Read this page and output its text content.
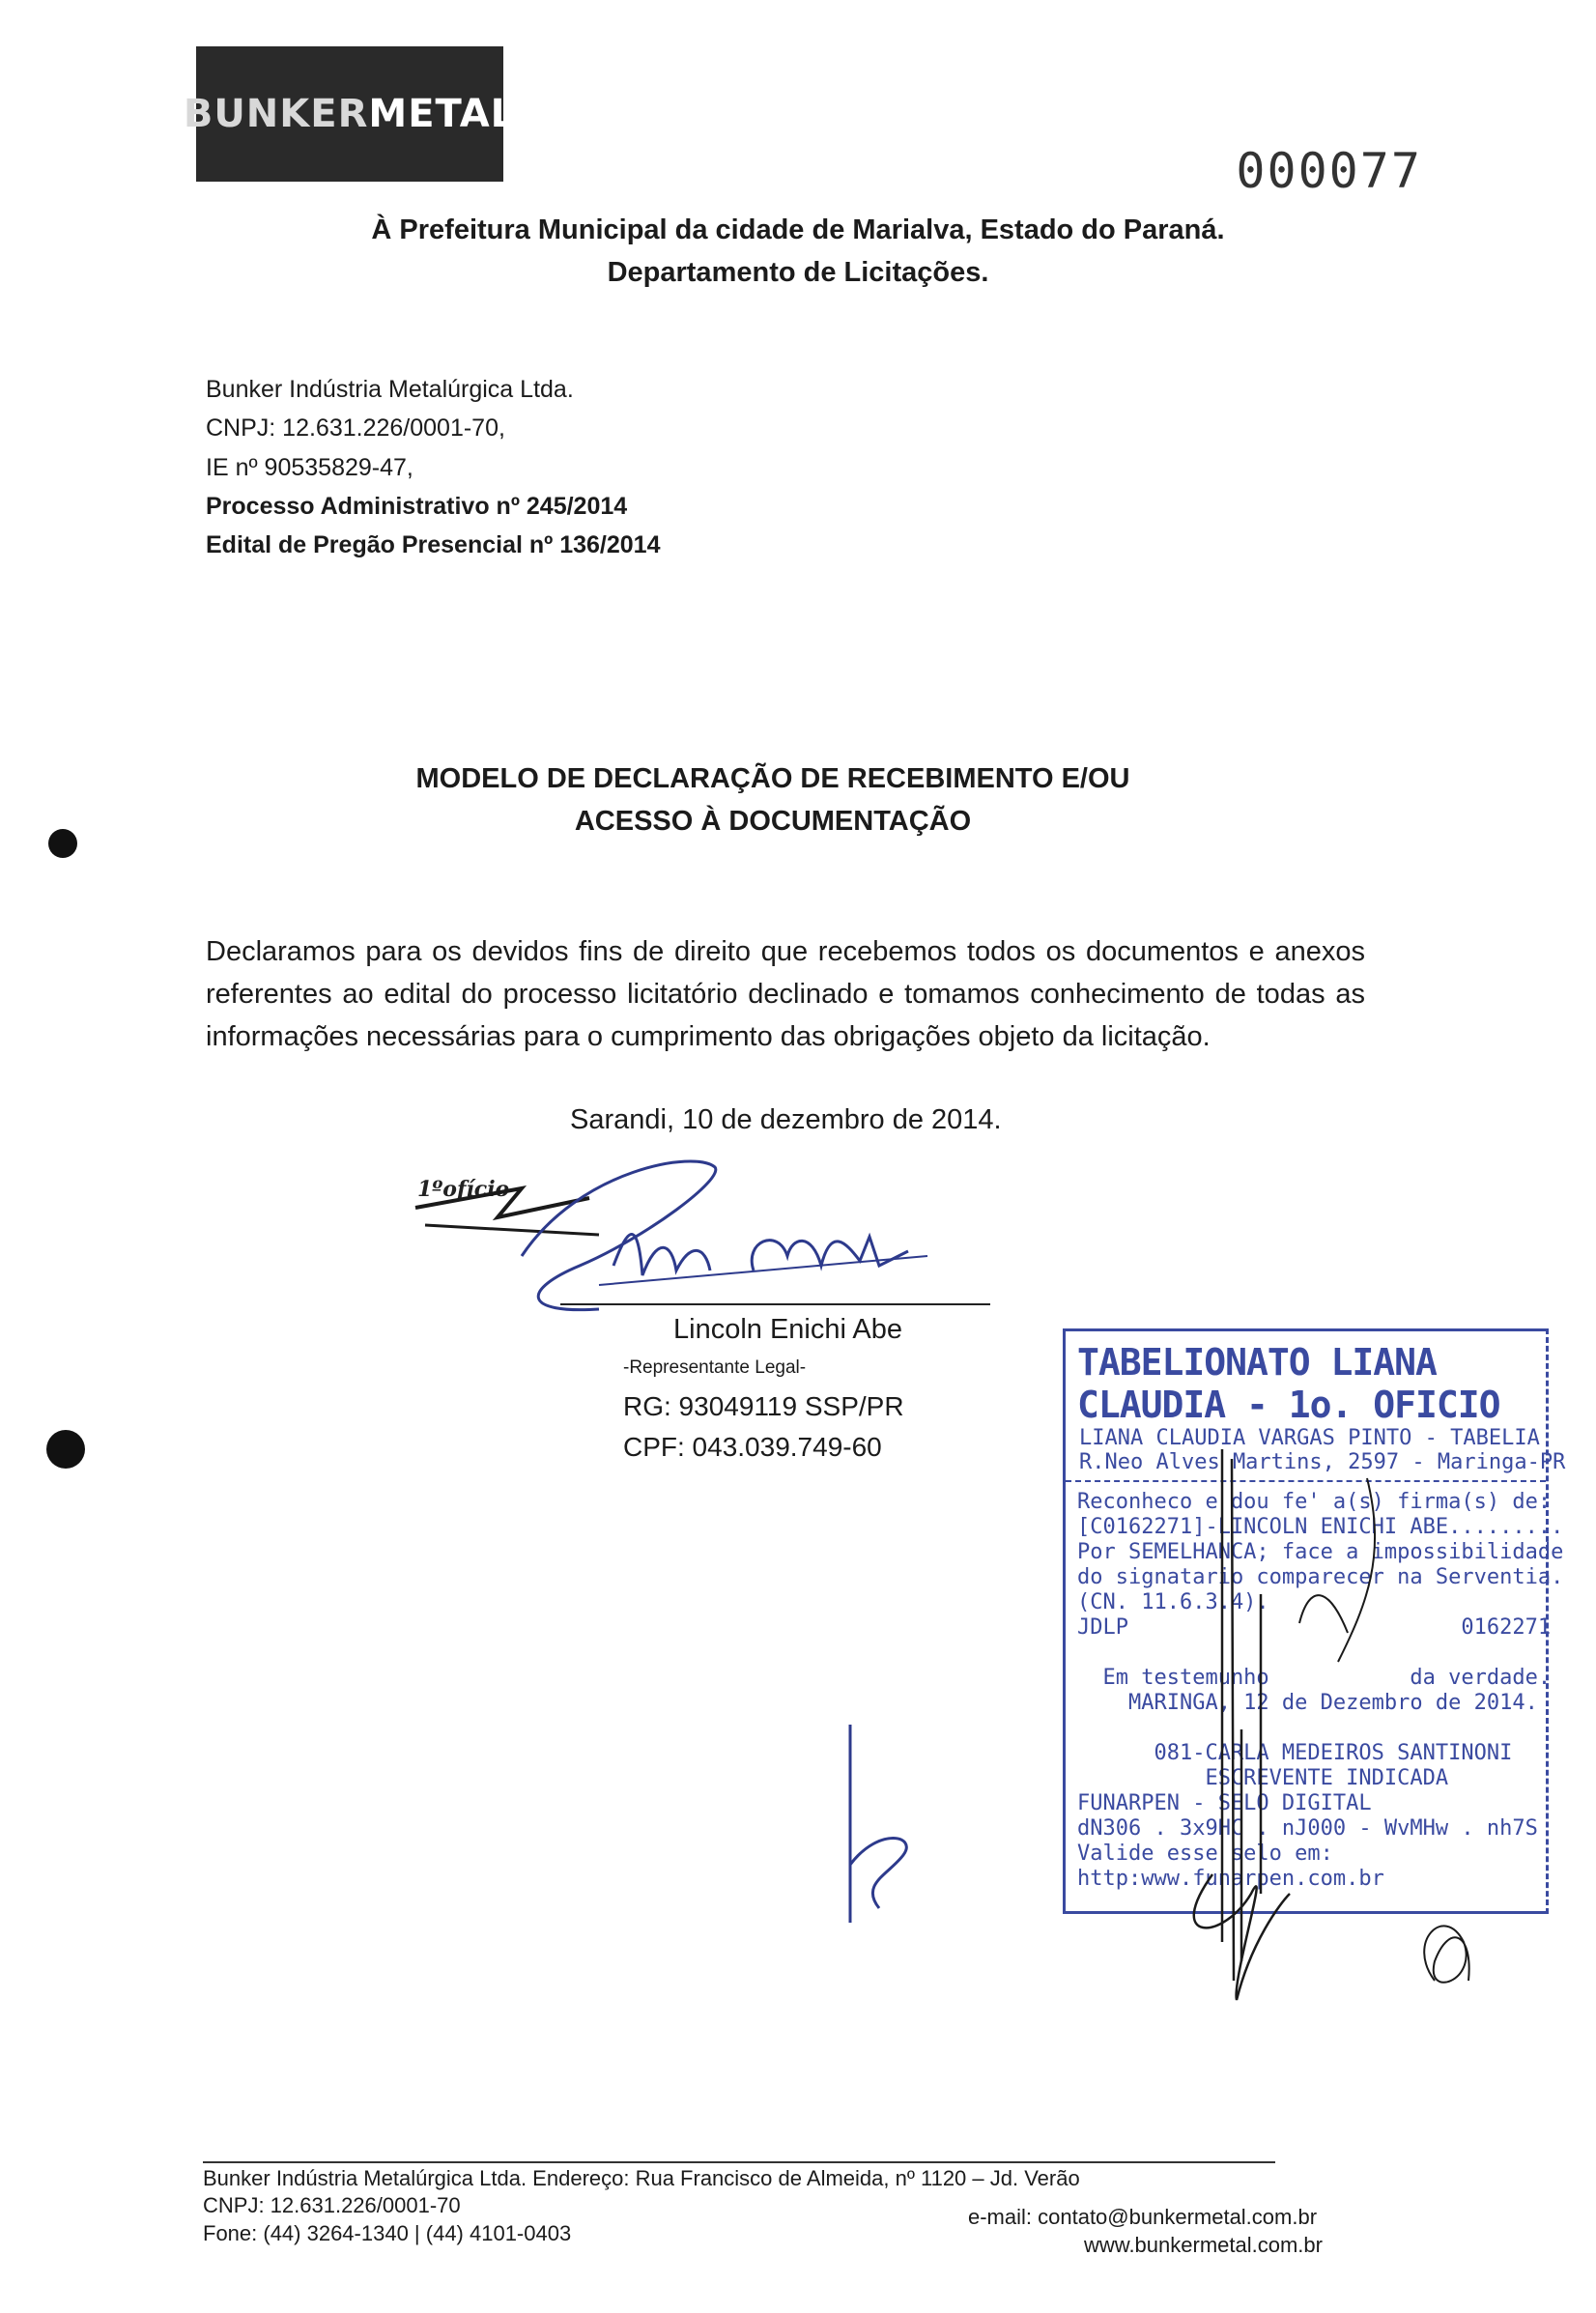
BUNKERMETAL
000077
À Prefeitura Municipal da cidade de Marialva, Estado do Paraná.
Departamento de Licitações.
Bunker Indústria Metalúrgica Ltda.
CNPJ: 12.631.226/0001-70,
IE nº 90535829-47,
Processo Administrativo nº 245/2014
Edital de Pregão Presencial nº 136/2014
MODELO DE DECLARAÇÃO DE RECEBIMENTO E/OU
ACESSO À DOCUMENTAÇÃO
Declaramos para os devidos fins de direito que recebemos todos os documentos e anexos referentes ao edital do processo licitatório declinado e tomamos conhecimento de todas as informações necessárias para o cumprimento das obrigações objeto da licitação.
Sarandi, 10 de dezembro de 2014.
1ºofício
Lincoln Enichi Abe
-Representante Legal-
RG: 93049119 SSP/PR
CPF: 043.039.749-60
TABELIONATO LIANA CLAUDIA - 1o. OFICIO
LIANA CLAUDIA VARGAS PINTO - TABELIA
R.Neo Alves Martins, 2597 - Maringa-PR
Reconheco e dou fe' a(s) firma(s) de:
[C0162271]-LINCOLN ENICHI ABE.........
Por SEMELHANCA; face a impossibilidade
do signatario comparecer na Serventia.
(CN. 11.6.3.4).
JDLP                          0162271

Em testemunho           da verdade.
MARINGA, 12 de Dezembro de 2014.

081-CARLA MEDEIROS SANTINONI
ESCREVENTE INDICADA
FUNARPEN - SELO DIGITAL
dN306 . 3x9HC . nJ000 - WvMHw . nh7S
Valide esse selo em:
http:www.funarpen.com.br
Bunker Indústria Metalúrgica Ltda. Endereço: Rua Francisco de Almeida, nº 1120 – Jd. Verão
CNPJ: 12.631.226/0001-70
Fone: (44) 3264-1340 | (44) 4101-0403
e-mail: contato@bunkermetal.com.br
www.bunkermetal.com.br
